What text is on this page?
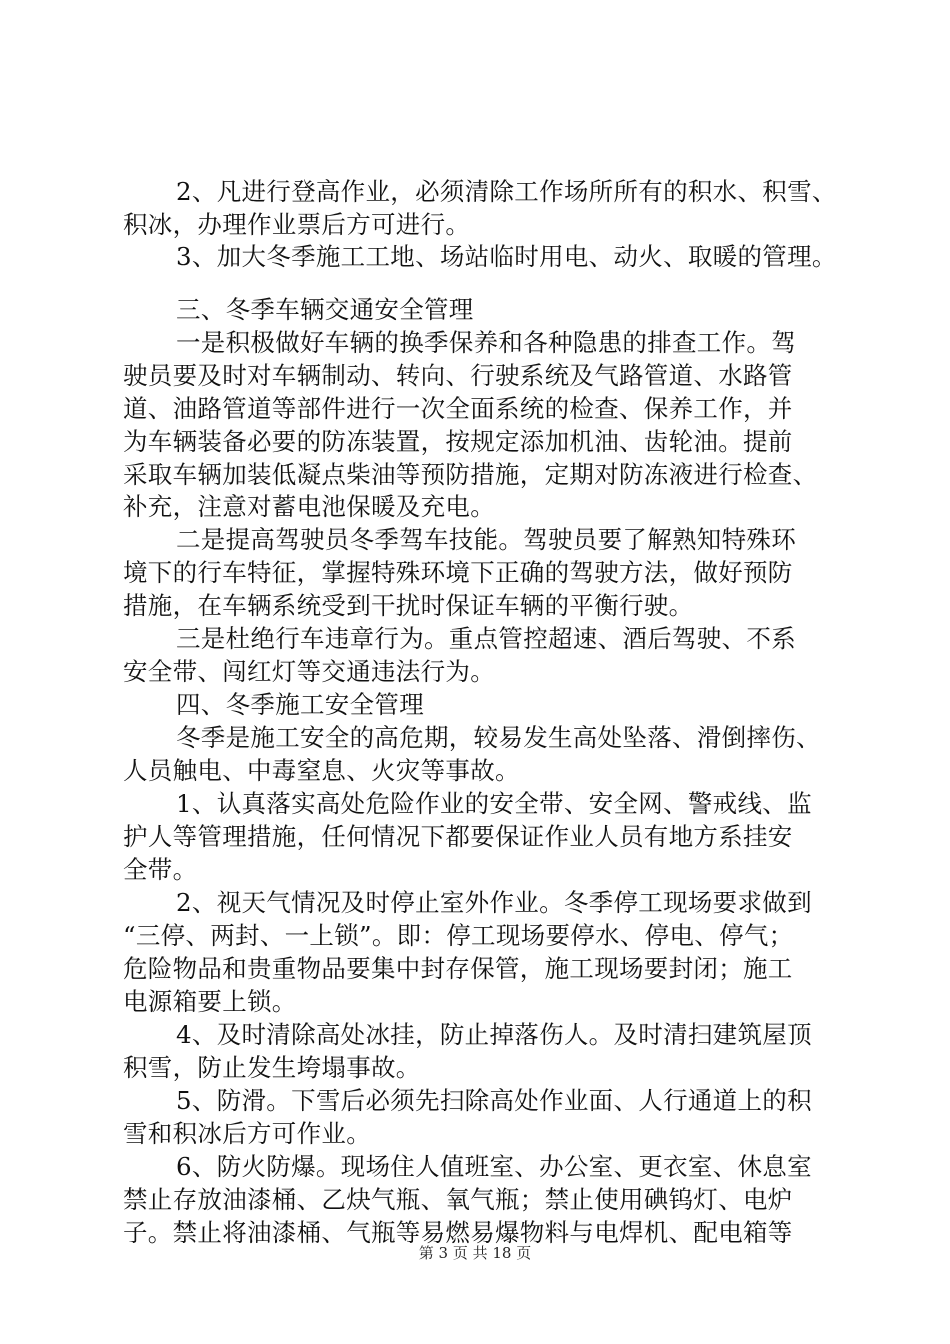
2、凡进行登高作业，必须清除工作场所所有的积水、积雪、
积冰，办理作业票后方可进行。
3、加大冬季施工工地、场站临时用电、动火、取暖的管理。
三、冬季车辆交通安全管理
一是积极做好车辆的换季保养和各种隐患的排查工作。驾
驶员要及时对车辆制动、转向、行驶系统及气路管道、水路管
道、油路管道等部件进行一次全面系统的检查、保养工作，并
为车辆装备必要的防冻装置，按规定添加机油、齿轮油。提前
采取车辆加装低凝点柴油等预防措施，定期对防冻液进行检查、
补充，注意对蓄电池保暖及充电。
二是提高驾驶员冬季驾车技能。驾驶员要了解熟知特殊环
境下的行车特征，掌握特殊环境下正确的驾驶方法，做好预防
措施，在车辆系统受到干扰时保证车辆的平衡行驶。
三是杜绝行车违章行为。重点管控超速、酒后驾驶、不系
安全带、闯红灯等交通违法行为。
四、冬季施工安全管理
冬季是施工安全的高危期，较易发生高处坠落、滑倒摔伤、
人员触电、中毒窒息、火灾等事故。
1、认真落实高处危险作业的安全带、安全网、警戒线、监
护人等管理措施，任何情况下都要保证作业人员有地方系挂安
全带。
2、视天气情况及时停止室外作业。冬季停工现场要求做到
“三停、两封、一上锁”。即：停工现场要停水、停电、停气；
危险物品和贵重物品要集中封存保管，施工现场要封闭；施工
电源箱要上锁。
4、及时清除高处冰挂，防止掉落伤人。及时清扫建筑屋顶
积雪，防止发生垮塌事故。
5、防滑。下雪后必须先扫除高处作业面、人行通道上的积
雪和积冰后方可作业。
6、防火防爆。现场住人值班室、办公室、更衣室、休息室
禁止存放油漆桶、乙炔气瓶、氧气瓶；禁止使用碘钨灯、电炉
子。禁止将油漆桶、气瓶等易燃易爆物料与电焊机、配电箱等
第 3 页 共 18 页
